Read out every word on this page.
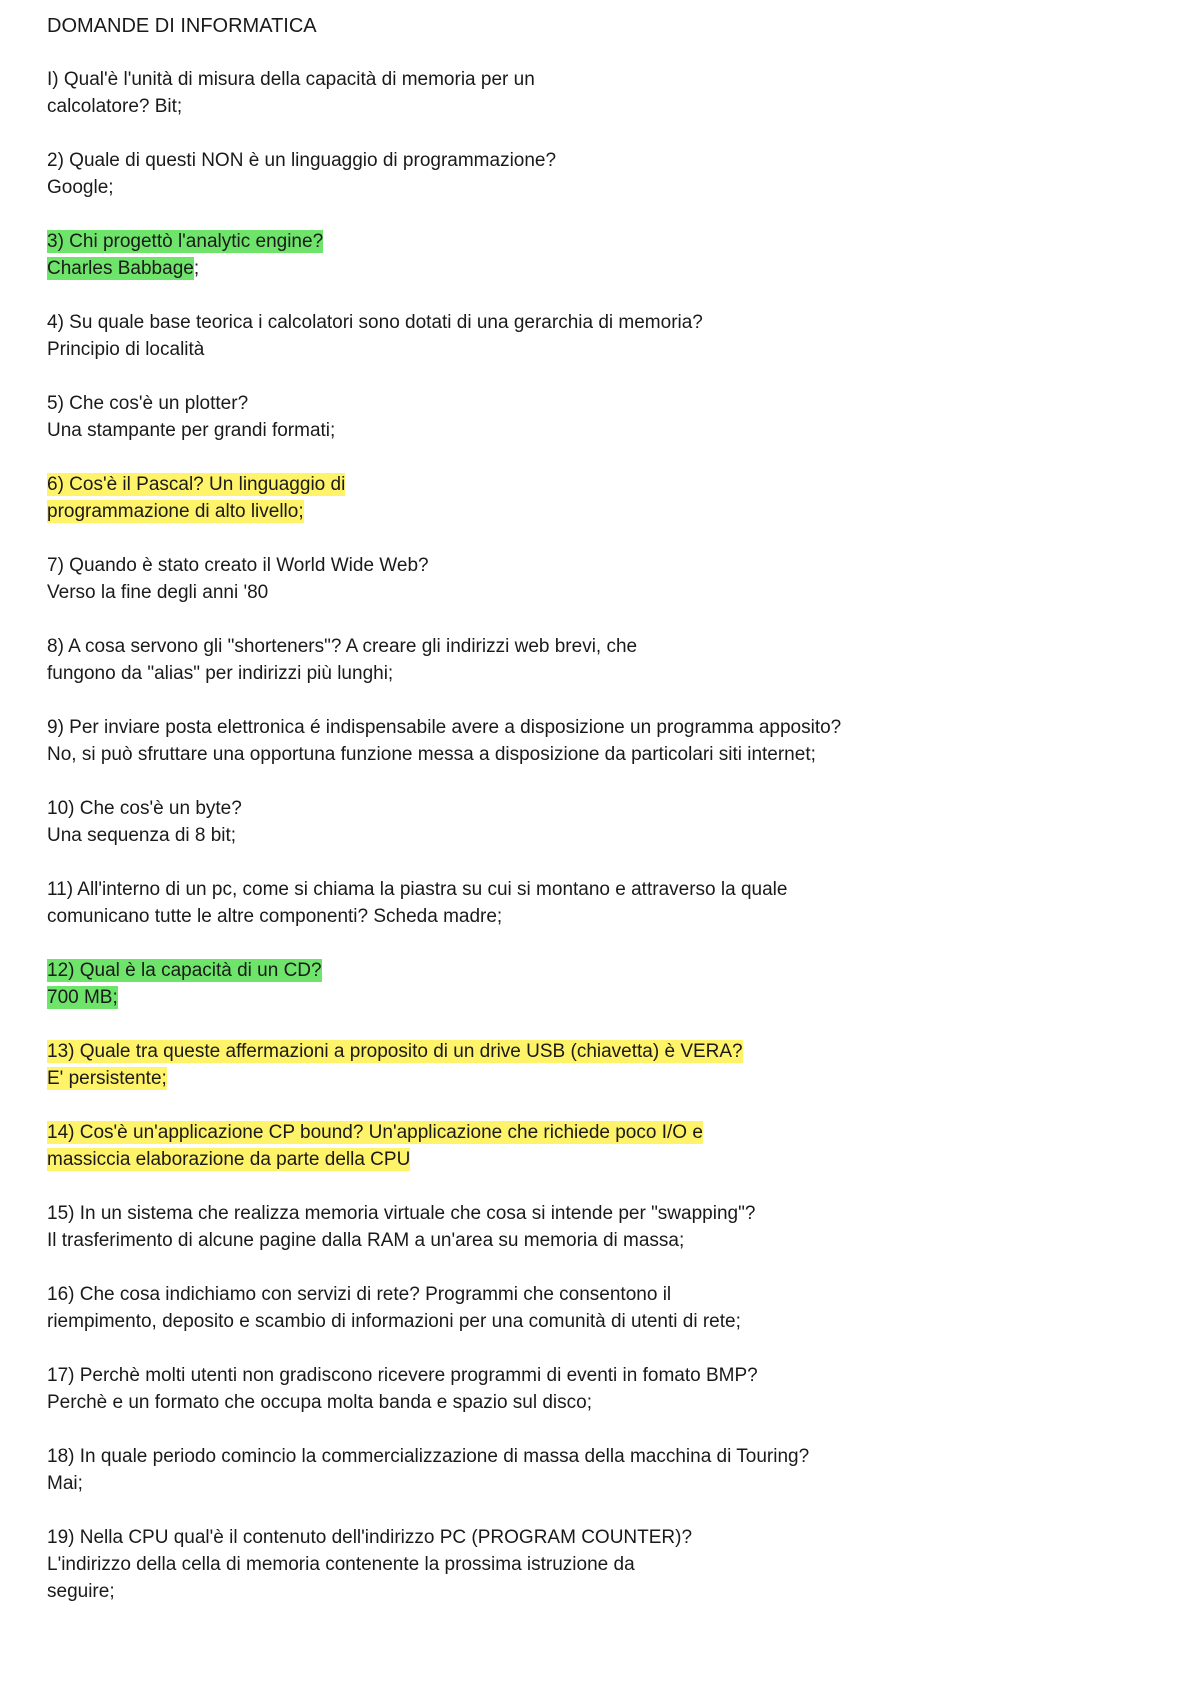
DOMANDE DI INFORMATICA
I) Qual'è l'unità di misura della capacità di memoria per un
calcolatore? Bit;
2) Quale di questi NON è un linguaggio di programmazione?
Google;
3) Chi progettò l'analytic engine?
Charles Babbage;
4) Su quale base teorica i calcolatori sono dotati di una gerarchia di memoria?
Principio di località
5) Che cos'è un plotter?
Una stampante per grandi formati;
6) Cos'è il Pascal? Un linguaggio di
programmazione di alto livello;
7) Quando è stato creato il World Wide Web?
Verso la fine degli anni '80
8) A cosa servono gli "shorteners"? A creare gli indirizzi web brevi, che
fungono da "alias" per indirizzi più lunghi;
9) Per inviare posta elettronica é indispensabile avere a disposizione un programma apposito?
No, si può sfruttare una opportuna funzione messa a disposizione da particolari siti internet;
10) Che cos'è un byte?
Una sequenza di 8 bit;
11) All'interno di un pc, come si chiama la piastra su cui si montano e attraverso la quale
comunicano tutte le altre componenti? Scheda madre;
12) Qual è la capacità di un CD?
700 MB;
13) Quale tra queste affermazioni a proposito di un drive USB (chiavetta) è VERA?
E' persistente;
14) Cos'è un'applicazione CP bound? Un'applicazione che richiede poco I/O e
massiccia elaborazione da parte della CPU
15) In un sistema che realizza memoria virtuale che cosa si intende per "swapping"?
Il trasferimento di alcune pagine dalla RAM a un'area su memoria di massa;
16) Che cosa indichiamo con servizi di rete? Programmi che consentono il
riempimento, deposito e scambio di informazioni per una comunità di utenti di rete;
17) Perchè molti utenti non gradiscono ricevere programmi di eventi in fomato BMP?
Perchè e un formato che occupa molta banda e spazio sul disco;
18) In quale periodo comincio la commercializzazione di massa della macchina di Touring?
Mai;
19) Nella CPU qual'è il contenuto dell'indirizzo PC (PROGRAM COUNTER)?
L'indirizzo della cella di memoria contenente la prossima istruzione da
seguire;
